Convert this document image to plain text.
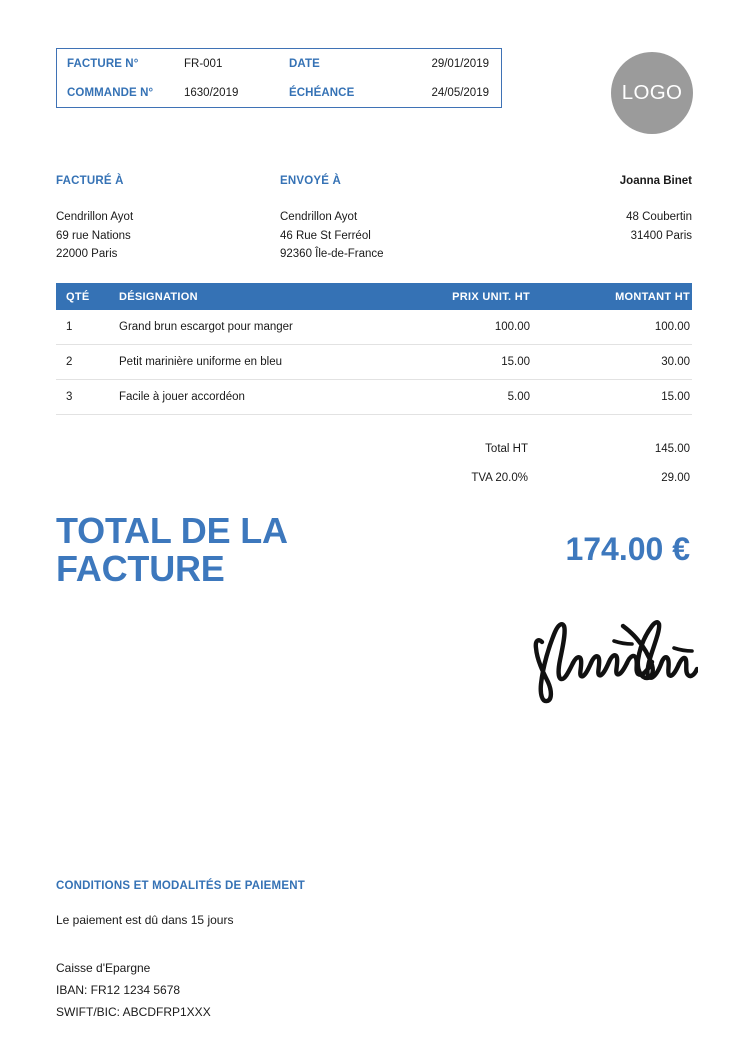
FACTURE N°	FR-001	DATE	29/01/2019
COMMANDE N°	1630/2019	ÉCHÉANCE	24/05/2019	LOGO
FACTURÉ À
Cendrillon Ayot
69 rue Nations
22000 Paris
ENVOYÉ À
Cendrillon Ayot
46 Rue St Ferréol
92360 Île-de-France
Joanna Binet
48 Coubertin
31400 Paris
QTÉ	DÉSIGNATION	PRIX UNIT. HT	MONTANT HT
1	Grand brun escargot pour manger	100.00	100.00
2	Petit marinière uniforme en bleu	15.00	30.00
3	Facile à jouer accordéon	5.00	15.00
Total HT	145.00
TVA 20.0%	29.00
TOTAL DE LA FACTURE	174.00 €
CONDITIONS ET MODALITÉS DE PAIEMENT
Le paiement est dû dans 15 jours
Caisse d'Epargne
IBAN: FR12 1234 5678
SWIFT/BIC: ABCDFRP1XXX
